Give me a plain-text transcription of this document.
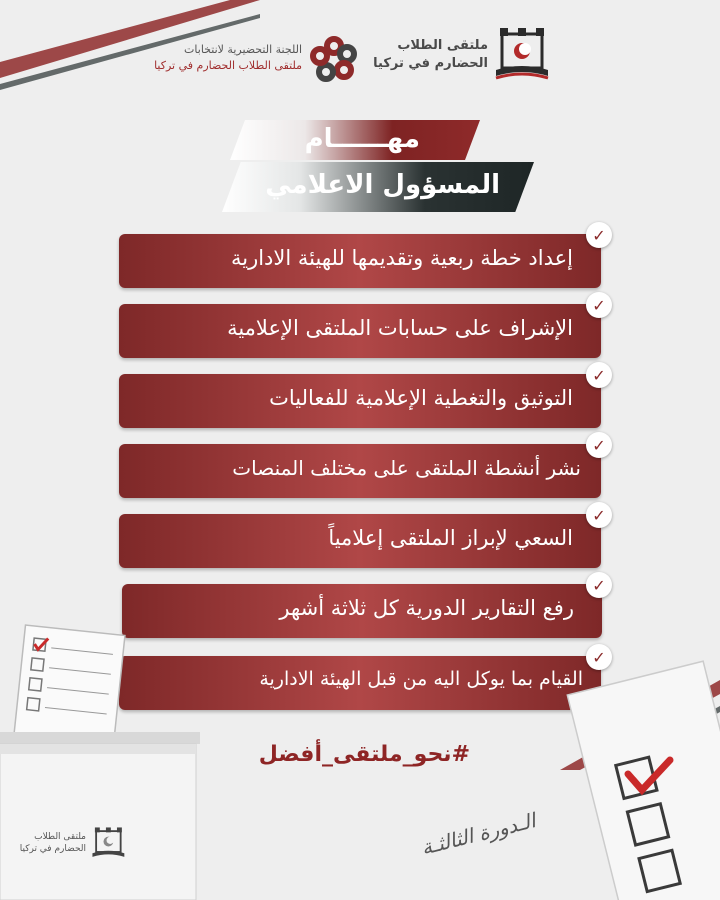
ملتقى الطلاب
الحضارم في تركيا
اللجنة التحضيرية لانتخابات
ملتقى الطلاب الحضارم في تركيا
مهــــــام
المسؤول الاعلامي
إعداد خطة ربعية وتقديمها للهيئة الادارية
✓
الإشراف على حسابات الملتقى الإعلامية
✓
التوثيق والتغطية الإعلامية للفعاليات
✓
نشر أنشطة الملتقى على مختلف المنصات
✓
السعي لإبراز الملتقى إعلامياً
✓
رفع التقارير الدورية كل ثلاثة أشهر
✓
القيام بما يوكل اليه من قبل الهيئة الادارية
✓
#نحو_ملتقى_أفضل
ملتقى الطلاب
الحضارم في تركيا	الـدورة الثالثـة
